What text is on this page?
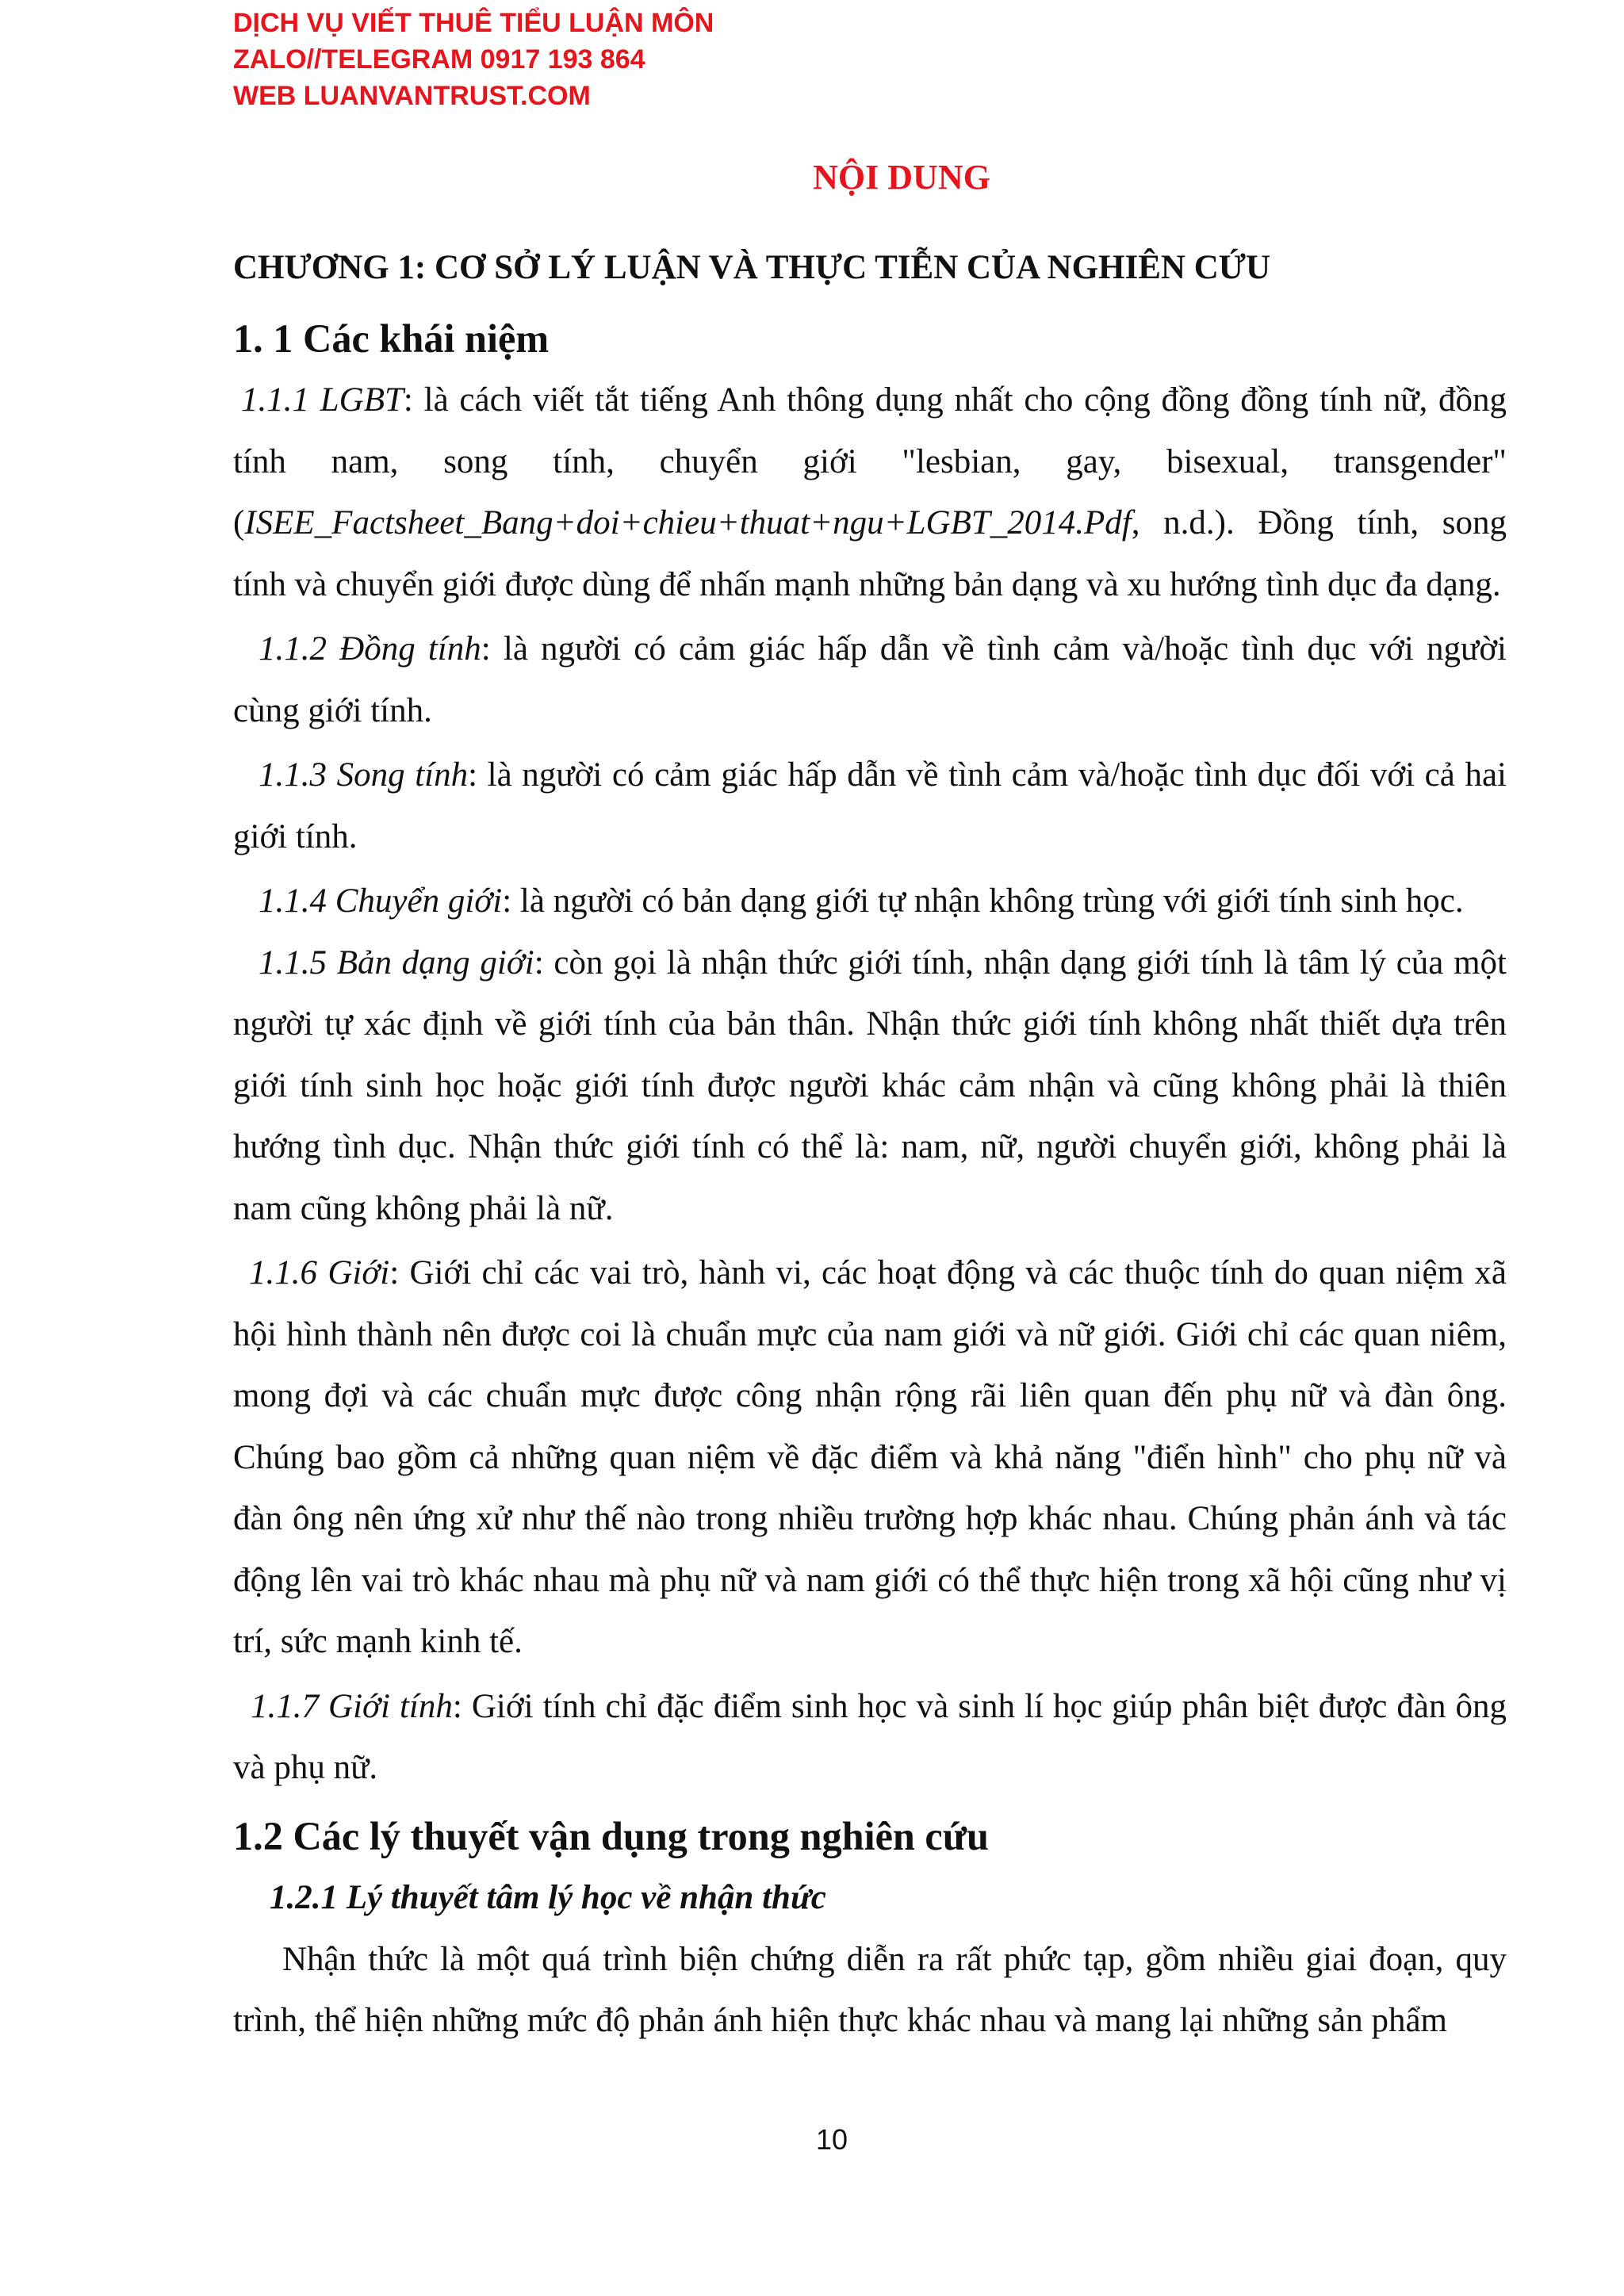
DỊCH VỤ VIẾT THUÊ TIỂU LUẬN MÔN
ZALO//TELEGRAM 0917 193 864
WEB LUANVANTRUST.COM
NỘI DUNG
CHƯƠNG 1: CƠ SỞ LÝ LUẬN VÀ THỰC TIỄN CỦA NGHIÊN CỨU
1. 1 Các khái niệm

1.1.1 LGBT: là cách viết tắt tiếng Anh thông dụng nhất cho cộng đồng đồng tính nữ, đồng tính nam, song tính, chuyển giới "lesbian, gay, bisexual, transgender" (ISEE_Factsheet_Bang+doi+chieu+thuat+ngu+LGBT_2014.Pdf, n.d.). Đồng tính, song tính và chuyển giới được dùng để nhấn mạnh những bản dạng và xu hướng tình dục đa dạng.

1.1.2 Đồng tính: là người có cảm giác hấp dẫn về tình cảm và/hoặc tình dục với người cùng giới tính.

1.1.3 Song tính: là người có cảm giác hấp dẫn về tình cảm và/hoặc tình dục đối với cả hai giới tính.

1.1.4 Chuyển giới: là người có bản dạng giới tự nhận không trùng với giới tính sinh học.

1.1.5 Bản dạng giới: còn gọi là nhận thức giới tính, nhận dạng giới tính là tâm lý của một người tự xác định về giới tính của bản thân. Nhận thức giới tính không nhất thiết dựa trên giới tính sinh học hoặc giới tính được người khác cảm nhận và cũng không phải là thiên hướng tình dục. Nhận thức giới tính có thể là: nam, nữ, người chuyển giới, không phải là nam cũng không phải là nữ.

1.1.6 Giới: Giới chỉ các vai trò, hành vi, các hoạt động và các thuộc tính do quan niệm xã hội hình thành nên được coi là chuẩn mực của nam giới và nữ giới. Giới chỉ các quan niêm, mong đợi và các chuẩn mực được công nhận rộng rãi liên quan đến phụ nữ và đàn ông. Chúng bao gồm cả những quan niệm về đặc điểm và khả năng "điển hình" cho phụ nữ và đàn ông nên ứng xử như thế nào trong nhiều trường hợp khác nhau. Chúng phản ánh và tác động lên vai trò khác nhau mà phụ nữ và nam giới có thể thực hiện trong xã hội cũng như vị trí, sức mạnh kinh tế.

1.1.7 Giới tính: Giới tính chỉ đặc điểm sinh học và sinh lí học giúp phân biệt được đàn ông và phụ nữ.

1.2 Các lý thuyết vận dụng trong nghiên cứu
1.2.1 Lý thuyết tâm lý học về nhận thức

Nhận thức là một quá trình biện chứng diễn ra rất phức tạp, gồm nhiều giai đoạn, quy trình, thể hiện những mức độ phản ánh hiện thực khác nhau và mang lại những sản phẩm

10
